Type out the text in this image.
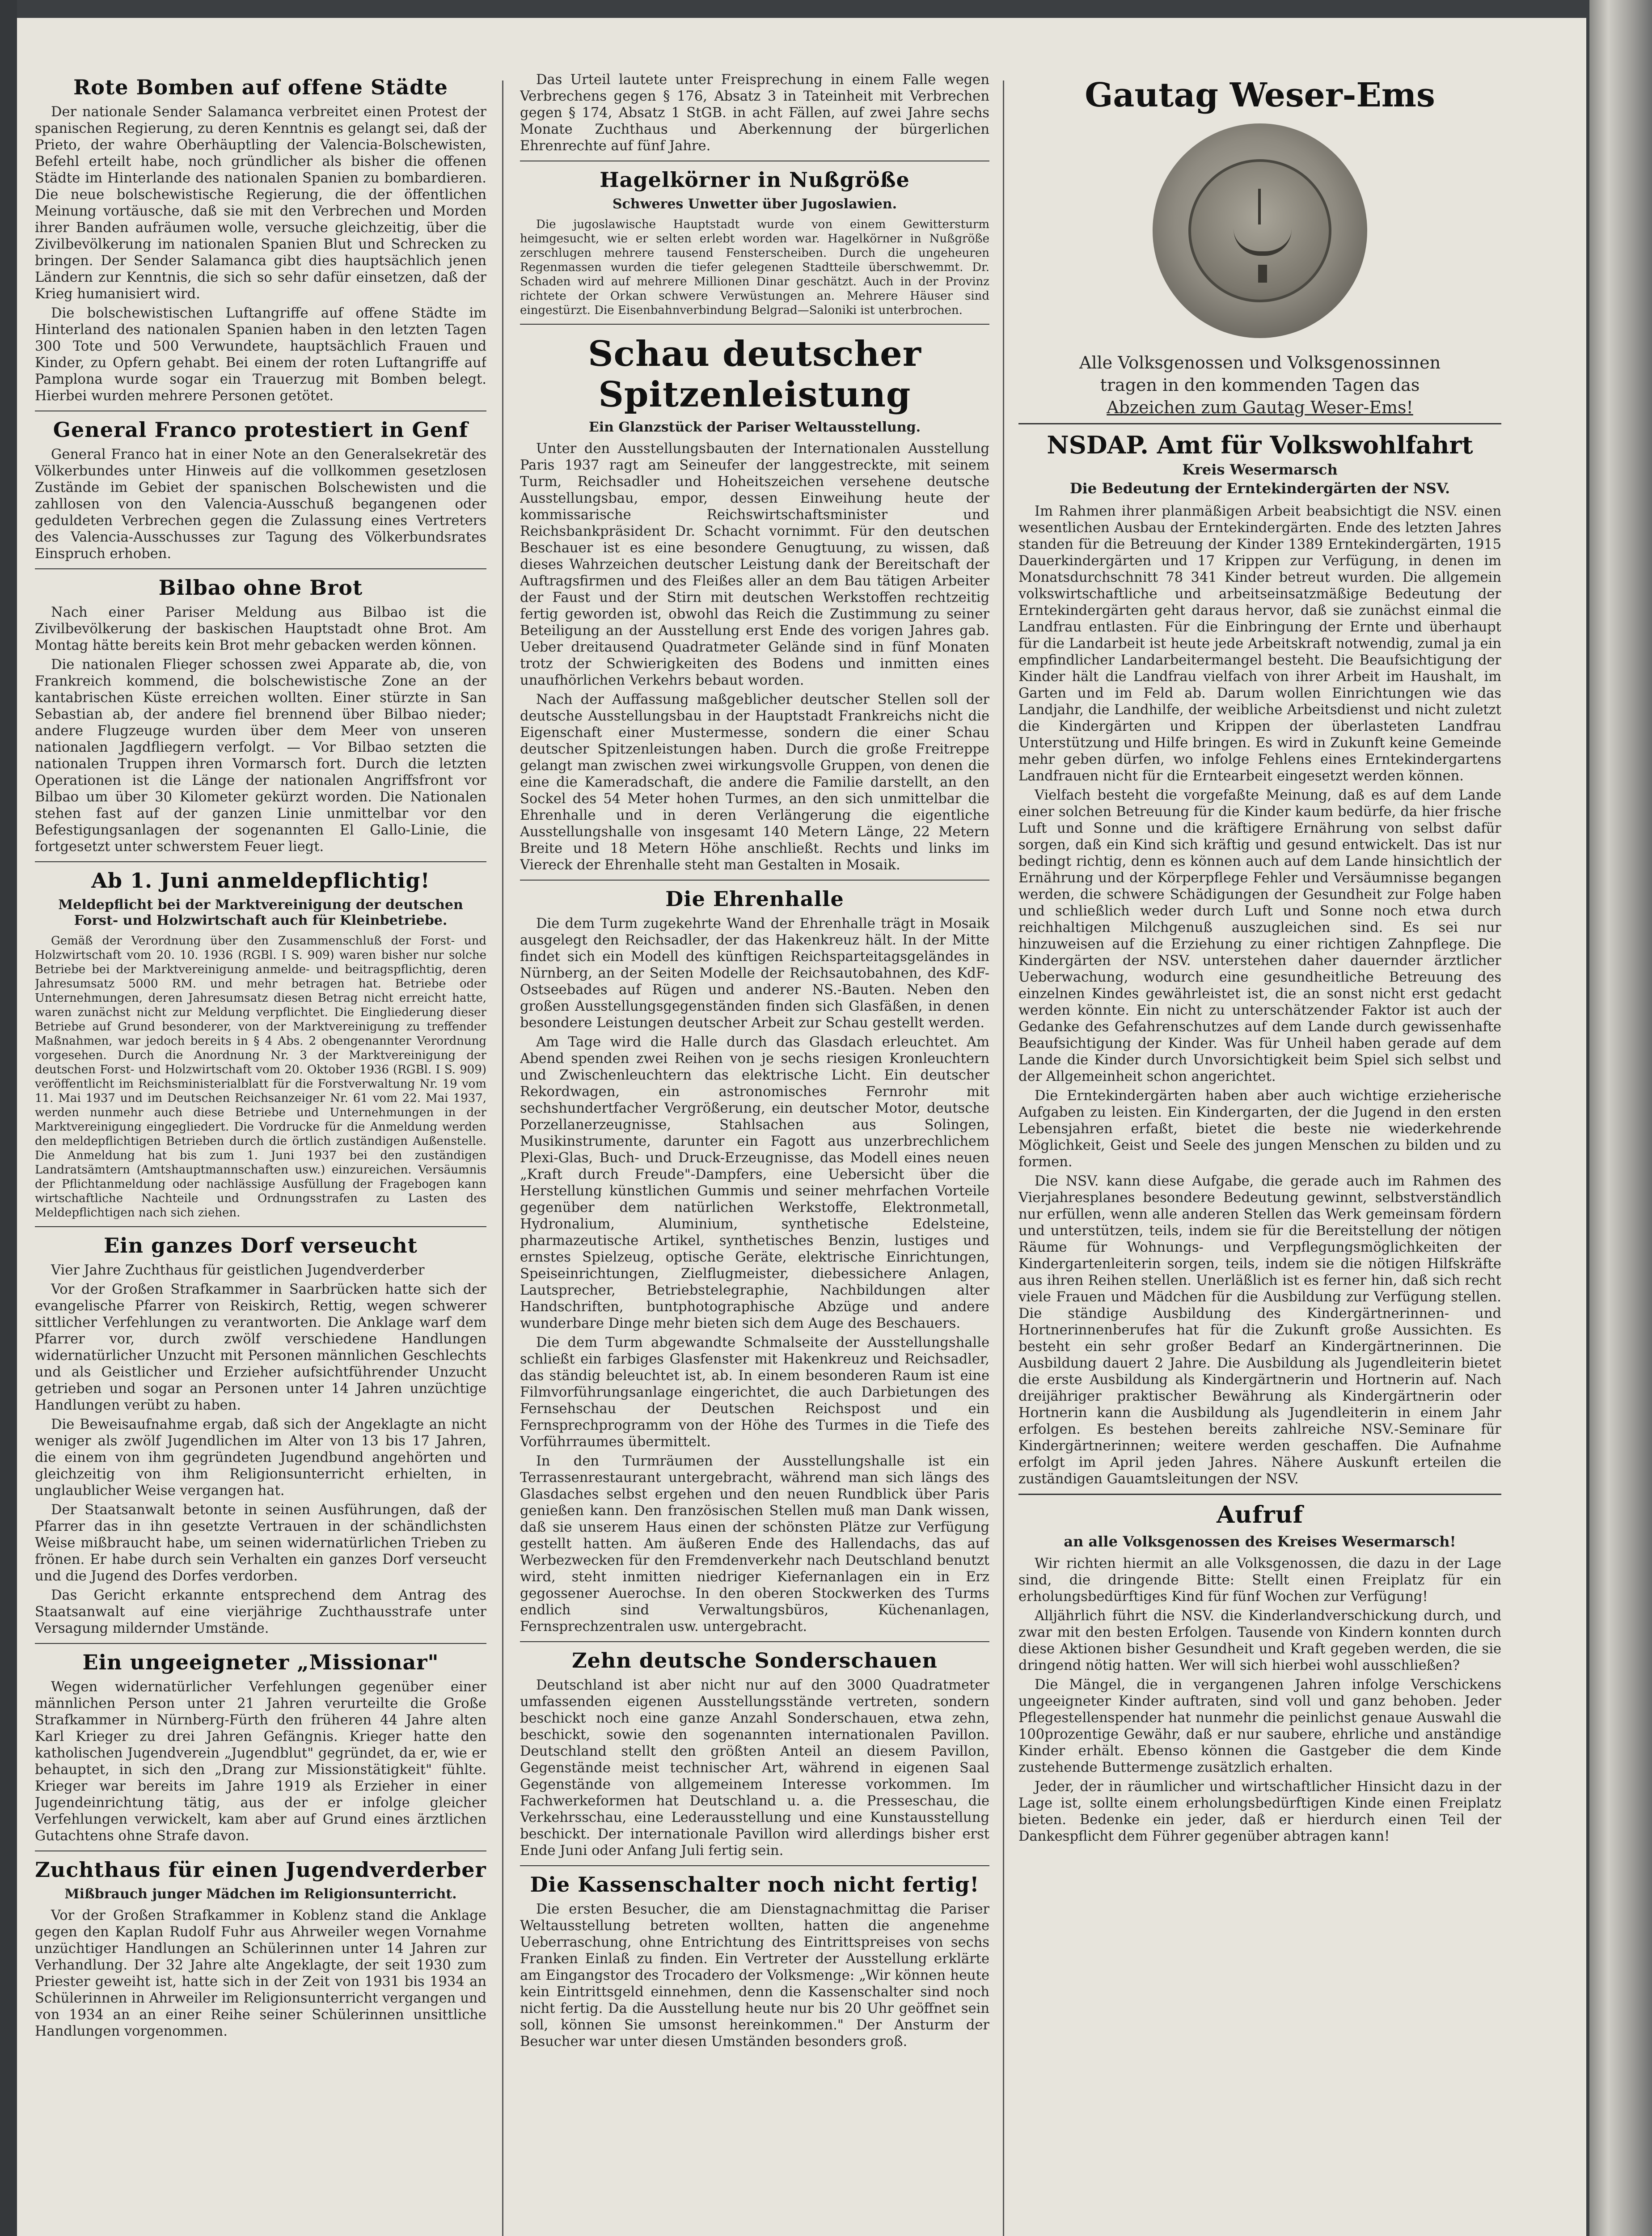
Rote Bomben auf offene Städte

Der nationale Sender Salamanca verbreitet einen Protest der spanischen Regierung, zu deren Kenntnis es gelangt sei, daß der Prieto, der wahre Oberhäuptling der Valencia-Bolschewisten, Befehl erteilt habe, noch gründlicher als bisher die offenen Städte im Hinterlande des nationalen Spanien zu bombardieren. Die neue bolschewistische Regierung, die der öffentlichen Meinung vortäusche, daß sie mit den Verbrechen und Morden ihrer Banden aufräumen wolle, versuche gleichzeitig, über die Zivilbevölkerung im nationalen Spanien Blut und Schrecken zu bringen. Der Sender Salamanca gibt dies hauptsächlich jenen Ländern zur Kenntnis, die sich so sehr dafür einsetzen, daß der Krieg humanisiert wird.

Die bolschewistischen Luftangriffe auf offene Städte im Hinterland des nationalen Spanien haben in den letzten Tagen 300 Tote und 500 Verwundete, hauptsächlich Frauen und Kinder, zu Opfern gehabt. Bei einem der roten Luftangriffe auf Pamplona wurde sogar ein Trauerzug mit Bomben belegt. Hierbei wurden mehrere Personen getötet.

General Franco protestiert in Genf

General Franco hat in einer Note an den Generalsekretär des Völkerbundes unter Hinweis auf die vollkommen gesetzlosen Zustände im Gebiet der spanischen Bolschewisten und die zahllosen von den Valencia-Ausschuß begangenen oder geduldeten Verbrechen gegen die Zulassung eines Vertreters des Valencia-Ausschusses zur Tagung des Völkerbundsrates Einspruch erhoben.

Bilbao ohne Brot

Nach einer Pariser Meldung aus Bilbao ist die Zivilbevölkerung der baskischen Hauptstadt ohne Brot. Am Montag hätte bereits kein Brot mehr gebacken werden können.

Die nationalen Flieger schossen zwei Apparate ab, die, von Frankreich kommend, die bolschewistische Zone an der kantabrischen Küste erreichen wollten. Einer stürzte in San Sebastian ab, der andere fiel brennend über Bilbao nieder; andere Flugzeuge wurden über dem Meer von unseren nationalen Jagdfliegern verfolgt. — Vor Bilbao setzten die nationalen Truppen ihren Vormarsch fort. Durch die letzten Operationen ist die Länge der nationalen Angriffsfront vor Bilbao um über 30 Kilometer gekürzt worden. Die Nationalen stehen fast auf der ganzen Linie unmittelbar vor den Befestigungsanlagen der sogenannten El Gallo-Linie, die fortgesetzt unter schwerstem Feuer liegt.

Ab 1. Juni anmeldepflichtig!
Meldepflicht bei der Marktvereinigung der deutschen Forst- und Holzwirtschaft auch für Kleinbetriebe.

Gemäß der Verordnung über den Zusammenschluß der Forst- und Holzwirtschaft vom 20. 10. 1936 (RGBl. I S. 909) waren bisher nur solche Betriebe bei der Marktvereinigung anmelde- und beitragspflichtig, deren Jahresumsatz 5000 RM. und mehr betragen hat. Betriebe oder Unternehmungen, deren Jahresumsatz diesen Betrag nicht erreicht hatte, waren zunächst nicht zur Meldung verpflichtet. Die Eingliederung dieser Betriebe auf Grund besonderer, von der Marktvereinigung zu treffender Maßnahmen, war jedoch bereits in § 4 Abs. 2 obengenannter Verordnung vorgesehen. Durch die Anordnung Nr. 3 der Marktvereinigung der deutschen Forst- und Holzwirtschaft vom 20. Oktober 1936 (RGBl. I S. 909) veröffentlicht im Reichsministerialblatt für die Forstverwaltung Nr. 19 vom 11. Mai 1937 und im Deutschen Reichsanzeiger Nr. 61 vom 22. Mai 1937, werden nunmehr auch diese Betriebe und Unternehmungen in der Marktvereinigung eingegliedert. Die Vordrucke für die Anmeldung werden den meldepflichtigen Betrieben durch die örtlich zuständigen Außenstelle. Die Anmeldung hat bis zum 1. Juni 1937 bei den zuständigen Landratsämtern (Amtshauptmannschaften usw.) einzureichen. Versäumnis der Pflichtanmeldung oder nachlässige Ausfüllung der Fragebogen kann wirtschaftliche Nachteile und Ordnungsstrafen zu Lasten des Meldepflichtigen nach sich ziehen.

Ein ganzes Dorf verseucht

Vier Jahre Zuchthaus für geistlichen Jugendverderber

Vor der Großen Strafkammer in Saarbrücken hatte sich der evangelische Pfarrer von Reiskirch, Rettig, wegen schwerer sittlicher Verfehlungen zu verantworten. Die Anklage warf dem Pfarrer vor, durch zwölf verschiedene Handlungen widernatürlicher Unzucht mit Personen männlichen Geschlechts und als Geistlicher und Erzieher aufsichtführender Unzucht getrieben und sogar an Personen unter 14 Jahren unzüchtige Handlungen verübt zu haben.

Die Beweisaufnahme ergab, daß sich der Angeklagte an nicht weniger als zwölf Jugendlichen im Alter von 13 bis 17 Jahren, die einem von ihm gegründeten Jugendbund angehörten und gleichzeitig von ihm Religionsunterricht erhielten, in unglaublicher Weise vergangen hat.

Der Staatsanwalt betonte in seinen Ausführungen, daß der Pfarrer das in ihn gesetzte Vertrauen in der schändlichsten Weise mißbraucht habe, um seinen widernatürlichen Trieben zu frönen. Er habe durch sein Verhalten ein ganzes Dorf verseucht und die Jugend des Dorfes verdorben.

Das Gericht erkannte entsprechend dem Antrag des Staatsanwalt auf eine vierjährige Zuchthausstrafe unter Versagung mildernder Umstände.

Ein ungeeigneter „Missionar"

Wegen widernatürlicher Verfehlungen gegenüber einer männlichen Person unter 21 Jahren verurteilte die Große Strafkammer in Nürnberg-Fürth den früheren 44 Jahre alten Karl Krieger zu drei Jahren Gefängnis. Krieger hatte den katholischen Jugendverein „Jugendblut" gegründet, da er, wie er behauptet, in sich den „Drang zur Missionstätigkeit" fühlte. Krieger war bereits im Jahre 1919 als Erzieher in einer Jugendeinrichtung tätig, aus der er infolge gleicher Verfehlungen verwickelt, kam aber auf Grund eines ärztlichen Gutachtens ohne Strafe davon.

Zuchthaus für einen Jugendverderber
Mißbrauch junger Mädchen im Religionsunterricht.

Vor der Großen Strafkammer in Koblenz stand die Anklage gegen den Kaplan Rudolf Fuhr aus Ahrweiler wegen Vornahme unzüchtiger Handlungen an Schülerinnen unter 14 Jahren zur Verhandlung. Der 32 Jahre alte Angeklagte, der seit 1930 zum Priester geweiht ist, hatte sich in der Zeit von 1931 bis 1934 an Schülerinnen in Ahrweiler im Religionsunterricht vergangen und von 1934 an an einer Reihe seiner Schülerinnen unsittliche Handlungen vorgenommen.

Das Urteil lautete unter Freisprechung in einem Falle wegen Verbrechens gegen § 176, Absatz 3 in Tateinheit mit Verbrechen gegen § 174, Absatz 1 StGB. in acht Fällen, auf zwei Jahre sechs Monate Zuchthaus und Aberkennung der bürgerlichen Ehrenrechte auf fünf Jahre.

Hagelkörner in Nußgröße
Schweres Unwetter über Jugoslawien.

Die jugoslawische Hauptstadt wurde von einem Gewittersturm heimgesucht, wie er selten erlebt worden war. Hagelkörner in Nußgröße zerschlugen mehrere tausend Fensterscheiben. Durch die ungeheuren Regenmassen wurden die tiefer gelegenen Stadtteile überschwemmt. Dr. Schaden wird auf mehrere Millionen Dinar geschätzt. Auch in der Provinz richtete der Orkan schwere Verwüstungen an. Mehrere Häuser sind eingestürzt. Die Eisenbahnverbindung Belgrad—Saloniki ist unterbrochen.

Schau deutscher Spitzenleistung
Ein Glanzstück der Pariser Weltausstellung.

Unter den Ausstellungsbauten der Internationalen Ausstellung Paris 1937 ragt am Seineufer der langgestreckte, mit seinem Turm, Reichsadler und Hoheitszeichen versehene deutsche Ausstellungsbau, empor, dessen Einweihung heute der kommissarische Reichswirtschaftsminister und Reichsbankpräsident Dr. Schacht vornimmt. Für den deutschen Beschauer ist es eine besondere Genugtuung, zu wissen, daß dieses Wahrzeichen deutscher Leistung dank der Bereitschaft der Auftragsfirmen und des Fleißes aller an dem Bau tätigen Arbeiter der Faust und der Stirn mit deutschen Werkstoffen rechtzeitig fertig geworden ist, obwohl das Reich die Zustimmung zu seiner Beteiligung an der Ausstellung erst Ende des vorigen Jahres gab. Ueber dreitausend Quadratmeter Gelände sind in fünf Monaten trotz der Schwierigkeiten des Bodens und inmitten eines unaufhörlichen Verkehrs bebaut worden.

Nach der Auffassung maßgeblicher deutscher Stellen soll der deutsche Ausstellungsbau in der Hauptstadt Frankreichs nicht die Eigenschaft einer Mustermesse, sondern die einer Schau deutscher Spitzenleistungen haben. Durch die große Freitreppe gelangt man zwischen zwei wirkungsvolle Gruppen, von denen die eine die Kameradschaft, die andere die Familie darstellt, an den Sockel des 54 Meter hohen Turmes, an den sich unmittelbar die Ehrenhalle und in deren Verlängerung die eigentliche Ausstellungshalle von insgesamt 140 Metern Länge, 22 Metern Breite und 18 Metern Höhe anschließt. Rechts und links im Viereck der Ehrenhalle steht man Gestalten in Mosaik.

Die Ehrenhalle

Die dem Turm zugekehrte Wand der Ehrenhalle trägt in Mosaik ausgelegt den Reichsadler, der das Hakenkreuz hält. In der Mitte findet sich ein Modell des künftigen Reichsparteitagsgeländes in Nürnberg, an der Seiten Modelle der Reichsautobahnen, des KdF-Ostseebades auf Rügen und anderer NS.-Bauten. Neben den großen Ausstellungsgegenständen finden sich Glasfäßen, in denen besondere Leistungen deutscher Arbeit zur Schau gestellt werden.

Am Tage wird die Halle durch das Glasdach erleuchtet. Am Abend spenden zwei Reihen von je sechs riesigen Kronleuchtern und Zwischenleuchtern das elektrische Licht. Ein deutscher Rekordwagen, ein astronomisches Fernrohr mit sechshundertfacher Vergrößerung, ein deutscher Motor, deutsche Porzellanerzeugnisse, Stahlsachen aus Solingen, Musikinstrumente, darunter ein Fagott aus unzerbrechlichem Plexi-Glas, Buch- und Druck-Erzeugnisse, das Modell eines neuen „Kraft durch Freude"-Dampfers, eine Uebersicht über die Herstellung künstlichen Gummis und seiner mehrfachen Vorteile gegenüber dem natürlichen Werkstoffe, Elektronmetall, Hydronalium, Aluminium, synthetische Edelsteine, pharmazeutische Artikel, synthetisches Benzin, lustiges und ernstes Spielzeug, optische Geräte, elektrische Einrichtungen, Speiseinrichtungen, Zielflugmeister, diebessichere Anlagen, Lautsprecher, Betriebstelegraphie, Nachbildungen alter Handschriften, buntphotographische Abzüge und andere wunderbare Dinge mehr bieten sich dem Auge des Beschauers.

Die dem Turm abgewandte Schmalseite der Ausstellungshalle schließt ein farbiges Glasfenster mit Hakenkreuz und Reichsadler, das ständig beleuchtet ist, ab. In einem besonderen Raum ist eine Filmvorführungsanlage eingerichtet, die auch Darbietungen des Fernsehschau der Deutschen Reichspost und ein Fernsprechprogramm von der Höhe des Turmes in die Tiefe des Vorführraumes übermittelt.

In den Turmräumen der Ausstellungshalle ist ein Terrassenrestaurant untergebracht, während man sich längs des Glasdaches selbst ergehen und den neuen Rundblick über Paris genießen kann. Den französischen Stellen muß man Dank wissen, daß sie unserem Haus einen der schönsten Plätze zur Verfügung gestellt hatten. Am äußeren Ende des Hallendachs, das auf Werbezwecken für den Fremdenverkehr nach Deutschland benutzt wird, steht inmitten niedriger Kiefernanlagen ein in Erz gegossener Auerochse. In den oberen Stockwerken des Turms endlich sind Verwaltungsbüros, Küchenanlagen, Fernsprechzentralen usw. untergebracht.

Zehn deutsche Sonderschauen

Deutschland ist aber nicht nur auf den 3000 Quadratmeter umfassenden eigenen Ausstellungsstände vertreten, sondern beschickt noch eine ganze Anzahl Sonderschauen, etwa zehn, beschickt, sowie den sogenannten internationalen Pavillon. Deutschland stellt den größten Anteil an diesem Pavillon, Gegenstände meist technischer Art, während in eigenen Saal Gegenstände von allgemeinem Interesse vorkommen. Im Fachwerkeformen hat Deutschland u. a. die Presseschau, die Verkehrsschau, eine Lederausstellung und eine Kunstausstellung beschickt. Der internationale Pavillon wird allerdings bisher erst Ende Juni oder Anfang Juli fertig sein.

Die Kassenschalter noch nicht fertig!

Die ersten Besucher, die am Dienstagnachmittag die Pariser Weltausstellung betreten wollten, hatten die angenehme Ueberraschung, ohne Entrichtung des Eintrittspreises von sechs Franken Einlaß zu finden. Ein Vertreter der Ausstellung erklärte am Eingangstor des Trocadero der Volksmenge: „Wir können heute kein Eintrittsgeld einnehmen, denn die Kassenschalter sind noch nicht fertig. Da die Ausstellung heute nur bis 20 Uhr geöffnet sein soll, können Sie umsonst hereinkommen." Der Ansturm der Besucher war unter diesen Umständen besonders groß.

Gautag Weser-Ems

Alle Volksgenossen und Volksgenossinnen

tragen in den kommenden Tagen das

Abzeichen zum Gautag Weser-Ems!

NSDAP. Amt für Volkswohlfahrt
Kreis Wesermarsch
Die Bedeutung der Erntekindergärten der NSV.

Im Rahmen ihrer planmäßigen Arbeit beabsichtigt die NSV. einen wesentlichen Ausbau der Erntekindergärten. Ende des letzten Jahres standen für die Betreuung der Kinder 1389 Erntekindergärten, 1915 Dauerkindergärten und 17 Krippen zur Verfügung, in denen im Monatsdurchschnitt 78 341 Kinder betreut wurden. Die allgemein volkswirtschaftliche und arbeitseinsatzmäßige Bedeutung der Erntekindergärten geht daraus hervor, daß sie zunächst einmal die Landfrau entlasten. Für die Einbringung der Ernte und überhaupt für die Landarbeit ist heute jede Arbeitskraft notwendig, zumal ja ein empfindlicher Landarbeitermangel besteht. Die Beaufsichtigung der Kinder hält die Landfrau vielfach von ihrer Arbeit im Haushalt, im Garten und im Feld ab. Darum wollen Einrichtungen wie das Landjahr, die Landhilfe, der weibliche Arbeitsdienst und nicht zuletzt die Kindergärten und Krippen der überlasteten Landfrau Unterstützung und Hilfe bringen. Es wird in Zukunft keine Gemeinde mehr geben dürfen, wo infolge Fehlens eines Erntekindergartens Landfrauen nicht für die Erntearbeit eingesetzt werden können.

Vielfach besteht die vorgefaßte Meinung, daß es auf dem Lande einer solchen Betreuung für die Kinder kaum bedürfe, da hier frische Luft und Sonne und die kräftigere Ernährung von selbst dafür sorgen, daß ein Kind sich kräftig und gesund entwickelt. Das ist nur bedingt richtig, denn es können auch auf dem Lande hinsichtlich der Ernährung und der Körperpflege Fehler und Versäumnisse begangen werden, die schwere Schädigungen der Gesundheit zur Folge haben und schließlich weder durch Luft und Sonne noch etwa durch reichhaltigen Milchgenuß auszugleichen sind. Es sei nur hinzuweisen auf die Erziehung zu einer richtigen Zahnpflege. Die Kindergärten der NSV. unterstehen daher dauernder ärztlicher Ueberwachung, wodurch eine gesundheitliche Betreuung des einzelnen Kindes gewährleistet ist, die an sonst nicht erst gedacht werden könnte. Ein nicht zu unterschätzender Faktor ist auch der Gedanke des Gefahrenschutzes auf dem Lande durch gewissenhafte Beaufsichtigung der Kinder. Was für Unheil haben gerade auf dem Lande die Kinder durch Unvorsichtigkeit beim Spiel sich selbst und der Allgemeinheit schon angerichtet.

Die Erntekindergärten haben aber auch wichtige erzieherische Aufgaben zu leisten. Ein Kindergarten, der die Jugend in den ersten Lebensjahren erfaßt, bietet die beste nie wiederkehrende Möglichkeit, Geist und Seele des jungen Menschen zu bilden und zu formen.

Die NSV. kann diese Aufgabe, die gerade auch im Rahmen des Vierjahresplanes besondere Bedeutung gewinnt, selbstverständlich nur erfüllen, wenn alle anderen Stellen das Werk gemeinsam fördern und unterstützen, teils, indem sie für die Bereitstellung der nötigen Räume für Wohnungs- und Verpflegungsmöglichkeiten der Kindergartenleiterin sorgen, teils, indem sie die nötigen Hilfskräfte aus ihren Reihen stellen. Unerläßlich ist es ferner hin, daß sich recht viele Frauen und Mädchen für die Ausbildung zur Verfügung stellen. Die ständige Ausbildung des Kindergärtnerinnen- und Hortnerinnenberufes hat für die Zukunft große Aussichten. Es besteht ein sehr großer Bedarf an Kindergärtnerinnen. Die Ausbildung dauert 2 Jahre. Die Ausbildung als Jugendleiterin bietet die erste Ausbildung als Kindergärtnerin und Hortnerin auf. Nach dreijähriger praktischer Bewährung als Kindergärtnerin oder Hortnerin kann die Ausbildung als Jugendleiterin in einem Jahr erfolgen. Es bestehen bereits zahlreiche NSV.-Seminare für Kindergärtnerinnen; weitere werden geschaffen. Die Aufnahme erfolgt im April jeden Jahres. Nähere Auskunft erteilen die zuständigen Gauamtsleitungen der NSV.

Aufruf
an alle Volksgenossen des Kreises Wesermarsch!

Wir richten hiermit an alle Volksgenossen, die dazu in der Lage sind, die dringende Bitte: Stellt einen Freiplatz für ein erholungsbedürftiges Kind für fünf Wochen zur Verfügung!

Alljährlich führt die NSV. die Kinderlandverschickung durch, und zwar mit den besten Erfolgen. Tausende von Kindern konnten durch diese Aktionen bisher Gesundheit und Kraft gegeben werden, die sie dringend nötig hatten. Wer will sich hierbei wohl ausschließen?

Die Mängel, die in vergangenen Jahren infolge Verschickens ungeeigneter Kinder auftraten, sind voll und ganz behoben. Jeder Pflegestellenspender hat nunmehr die peinlichst genaue Auswahl die 100prozentige Gewähr, daß er nur saubere, ehrliche und anständige Kinder erhält. Ebenso können die Gastgeber die dem Kinde zustehende Buttermenge zusätzlich erhalten.

Jeder, der in räumlicher und wirtschaftlicher Hinsicht dazu in der Lage ist, sollte einem erholungsbedürftigen Kinde einen Freiplatz bieten. Bedenke ein jeder, daß er hierdurch einen Teil der Dankespflicht dem Führer gegenüber abtragen kann!
